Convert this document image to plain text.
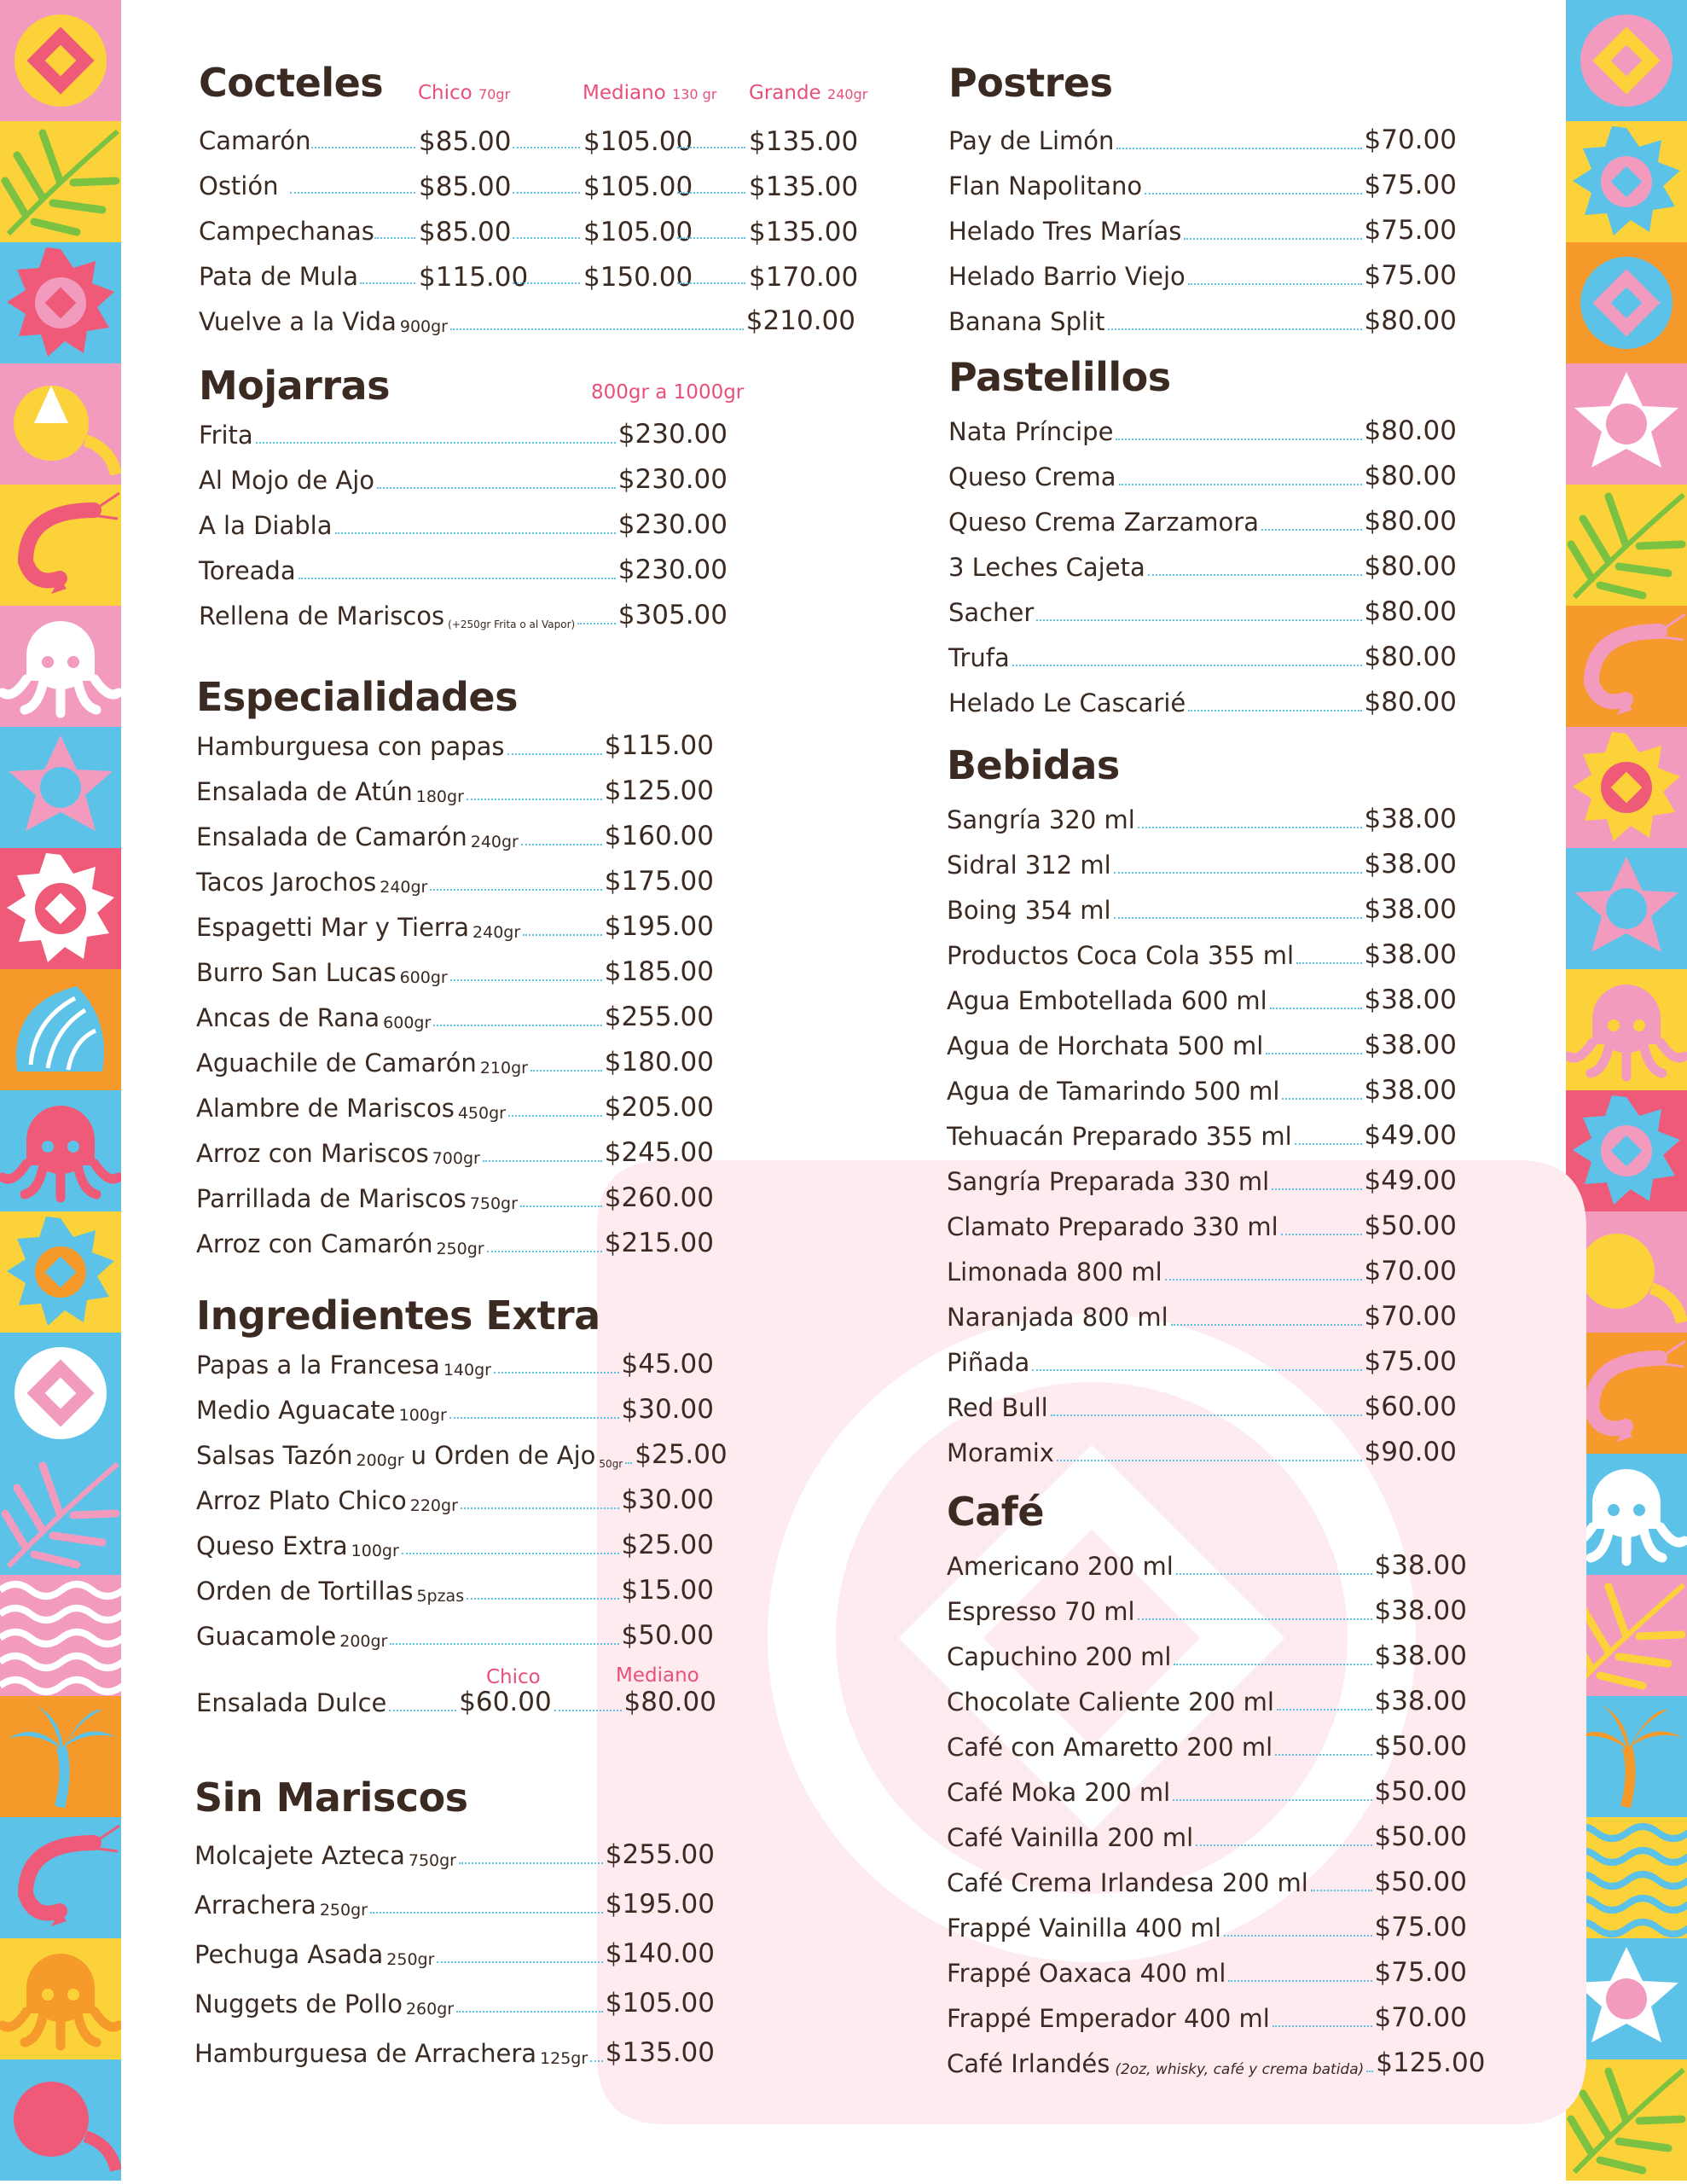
Cocteles Chico 70gr	Mediano 130 gr Grande 240gr
Camarón	$85.00	$105.00 $135.00
Ostión	$85.00	$105.00 $135.00
Campechanas $85.00	$105.00 $135.00
Pata de Mula $115.00 $150.00 $170.00
Vuelve a la Vida 900gr	$210.00
Mojarras	800gr a 1000gr
Frita	$230.00
Al Mojo de Ajo	$230.00
A la Diabla	$230.00
Toreada	$230.00
Rellena de Mariscos (+250gr Frita o al Vapor) $305.00
Especialidades
Hamburguesa con papas	$115.00
Ensalada de Atún 180gr	$125.00
Ensalada de Camarón 240gr	$160.00
Tacos Jarochos 240gr	$175.00
Espagetti Mar y Tierra 240gr	$195.00
Burro San Lucas 600gr	$185.00
Ancas de Rana 600gr	$255.00
Aguachile de Camarón 210gr	$180.00
Alambre de Mariscos 450gr	$205.00
Arroz con Mariscos 700gr	$245.00
Parrillada de Mariscos 750gr	$260.00
Arroz con Camarón 250gr	$215.00
Ingredientes Extra
Papas a la Francesa 140gr	$45.00
Medio Aguacate 100gr	$30.00
Salsas Tazón 200gr u Orden de Ajo 50gr $25.00
Arroz Plato Chico 220gr	$30.00
Queso Extra 100gr	$25.00
Orden de Tortillas 5pzas	$15.00
Guacamole 200gr	$50.00
Chico	Mediano
Ensalada Dulce	$60.00	$80.00
Sin Mariscos
Molcajete Azteca 750gr	$255.00
Arrachera 250gr	$195.00
Pechuga Asada 250gr	$140.00
Nuggets de Pollo 260gr	$105.00
Hamburguesa de Arrachera 125gr $135.00
Postres
Pay de Limón	$70.00
Flan Napolitano	$75.00
Helado Tres Marías	$75.00
Helado Barrio Viejo	$75.00
Banana Split	$80.00
Pastelillos
Nata Príncipe	$80.00
Queso Crema	$80.00
Queso Crema Zarzamora	$80.00
3 Leches Cajeta	$80.00
Sacher	$80.00
Trufa	$80.00
Helado Le Cascarié	$80.00
Bebidas
Sangría 320 ml	$38.00
Sidral 312 ml	$38.00
Boing 354 ml	$38.00
Productos Coca Cola 355 ml	$38.00
Agua Embotellada 600 ml	$38.00
Agua de Horchata 500 ml	$38.00
Agua de Tamarindo 500 ml	$38.00
Tehuacán Preparado 355 ml	$49.00
Sangría Preparada 330 ml	$49.00
Clamato Preparado 330 ml	$50.00
Limonada 800 ml	$70.00
Naranjada 800 ml	$70.00
Piñada	$75.00
Red Bull	$60.00
Moramix	$90.00
Café
Americano 200 ml	$38.00
Espresso 70 ml	$38.00
Capuchino 200 ml	$38.00
Chocolate Caliente 200 ml	$38.00
Café con Amaretto 200 ml	$50.00
Café Moka 200 ml	$50.00
Café Vainilla 200 ml	$50.00
Café Crema Irlandesa 200 ml	$50.00
Frappé Vainilla 400 ml	$75.00
Frappé Oaxaca 400 ml	$75.00
Frappé Emperador 400 ml	$70.00
Café Irlandés (2oz, whisky, café y crema batida) $125.00
